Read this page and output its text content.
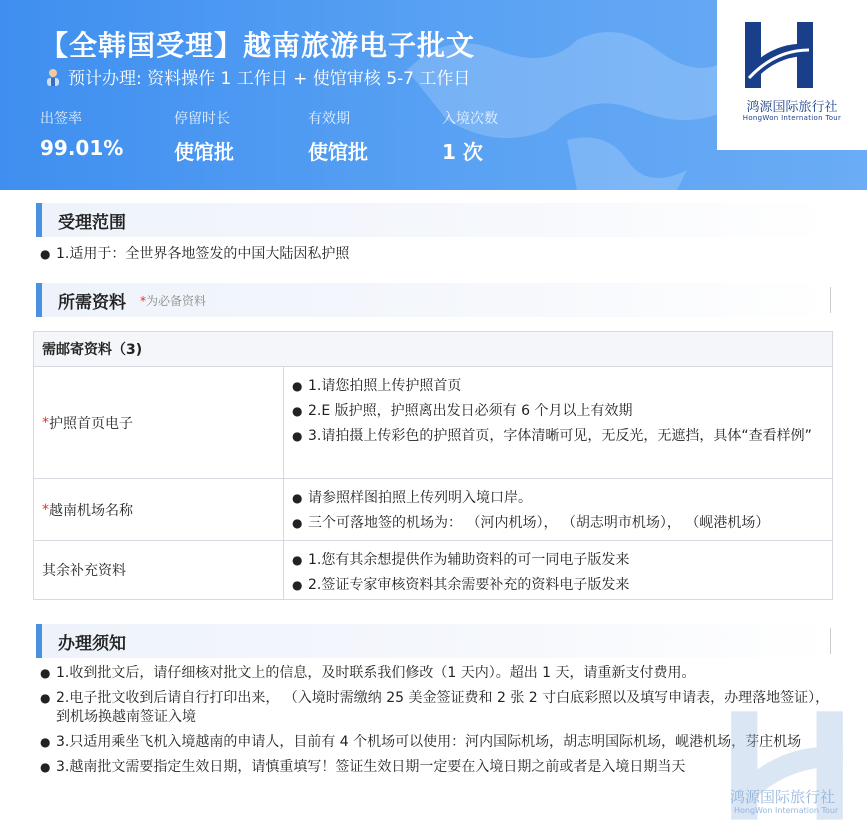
【全韩国受理】越南旅游电子批文
预计办理: 资料操作 1 工作日 + 使馆审核 5-7 工作日
出签率
99.01%
停留时长
使馆批
有效期
使馆批
入境次数
1 次
鸿源国际旅行社
HongWon Internation Tour
受理范围
● 1.适用于：全世界各地签发的中国大陆因私护照
所需资料 *为必备资料
需邮寄资料（3)
* 护照首页电子
● 1.请您拍照上传护照首页
● 2.E 版护照，护照离出发日必须有 6 个月以上有效期
● 3.请拍摄上传彩色的护照首页，字体清晰可见，无反光，无遮挡，具体“查看样例”
* 越南机场名称
● 请参照样图拍照上传列明入境口岸。
● 三个可落地签的机场为： （河内机场）， （胡志明市机场）， （岘港机场）
其余补充资料
● 1.您有其余想提供作为辅助资料的可一同电子版发来
● 2.签证专家审核资料其余需要补充的资料电子版发来
办理须知
● 1.收到批文后，请仔细核对批文上的信息，及时联系我们修改（1 天内）。超出 1 天，请重新支付费用。
● 2.电子批文收到后请自行打印出来， （入境时需缴纳 25 美金签证费和 2 张 2 寸白底彩照以及填写申请表，办理落地签证），到机场换越南签证入境
● 3.只适用乘坐飞机入境越南的申请人，目前有 4 个机场可以使用：河内国际机场，胡志明国际机场，岘港机场，芽庄机场
● 3.越南批文需要指定生效日期，请慎重填写！签证生效日期一定要在入境日期之前或者是入境日期当天
鸿源国际旅行社
HongWon Internation Tour
